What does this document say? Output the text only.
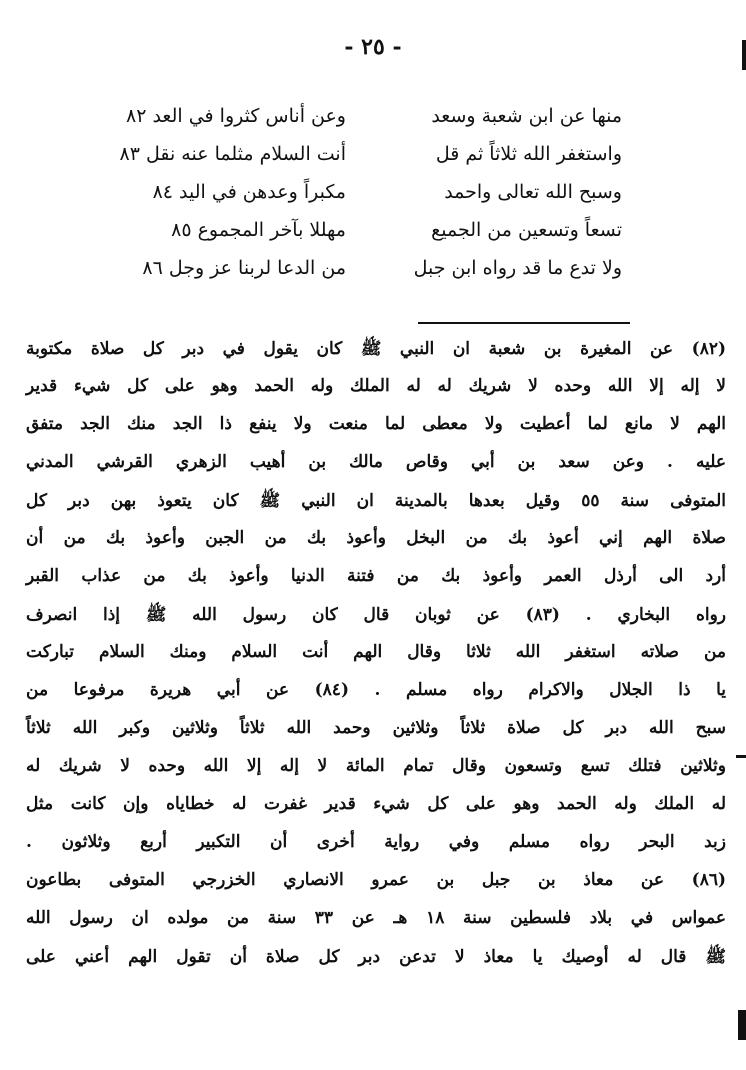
- ٢٥ -
منها عن ابن شعبة وسعد
وعن أناس كثروا في العد ٨٢
واستغفر الله ثلاثاً ثم قل
أنت السلام مثلما عنه نقل ٨٣
وسبح الله تعالى واحمد
مكبراً وعدهن في اليد ٨٤
تسعاً وتسعين من الجميع
مهللا بآخر المجموع ٨٥
ولا تدع ما قد رواه ابن جبل
من الدعا لربنا عز وجل ٨٦
(٨٢) عن المغيرة بن شعبة ان النبي ﷺ كان يقول في دبر كل صلاة مكتوبة
لا إله إلا الله وحده لا شريك له له الملك وله الحمد وهو على كل شيء قدير
الهم لا مانع لما أعطيت ولا معطى لما منعت ولا ينفع ذا الجد منك الجد متفق
عليه . وعن سعد بن أبي وقاص مالك بن أهيب الزهري القرشي المدني
المتوفى سنة ٥٥ وقيل بعدها بالمدينة ان النبي ﷺ كان يتعوذ بهن دبر كل
صلاة الهم إني أعوذ بك من البخل وأعوذ بك من الجبن وأعوذ بك من أن
أرد الى أرذل العمر وأعوذ بك من فتنة الدنيا وأعوذ بك من عذاب القبر
رواه البخاري . (٨٣) عن ثوبان قال كان رسول الله ﷺ إذا انصرف
من صلاته استغفر الله ثلاثا وقال الهم أنت السلام ومنك السلام تباركت
يا ذا الجلال والاكرام رواه مسلم . (٨٤) عن أبي هريرة مرفوعا من
سبح الله دبر كل صلاة ثلاثاً وثلاثين وحمد الله ثلاثاً وثلاثين وكبر الله ثلاثاً
وثلاثين فتلك تسع وتسعون وقال تمام المائة لا إله إلا الله وحده لا شريك له
له الملك وله الحمد وهو على كل شيء قدير غفرت له خطاياه وإن كانت مثل
زبد البحر رواه مسلم وفي رواية أخرى أن التكبير أربع وثلاثون .
(٨٦) عن معاذ بن جبل بن عمرو الانصاري الخزرجي المتوفى بطاعون
عمواس في بلاد فلسطين سنة ١٨ هـ عن ٣٣ سنة من مولده ان رسول الله
ﷺ قال له أوصيك يا معاذ لا تدعن دبر كل صلاة أن تقول الهم أعني على
